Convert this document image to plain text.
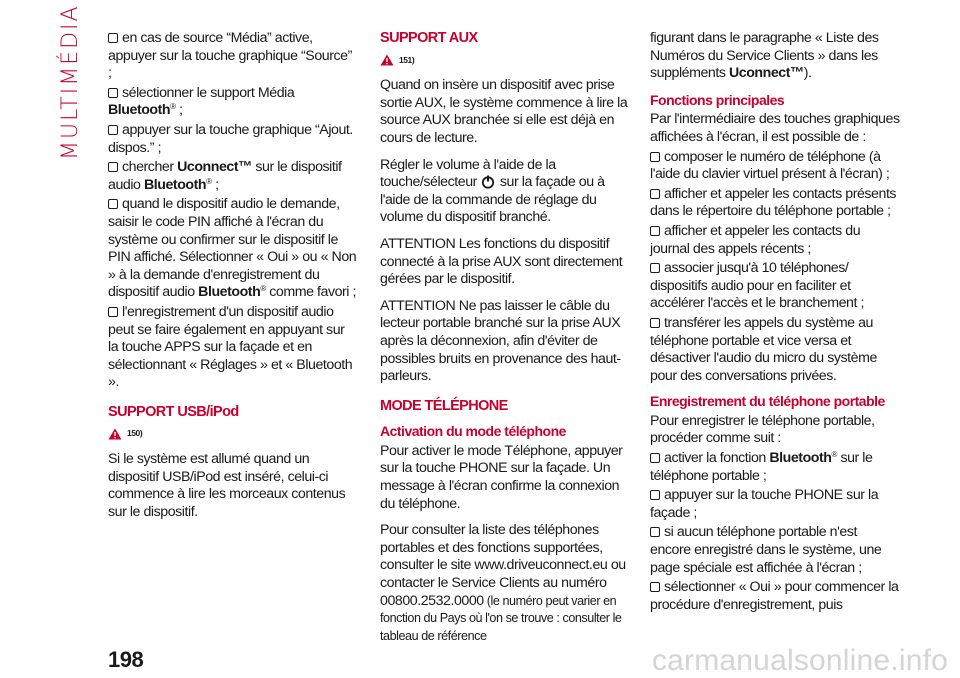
MULTIMÉDIA	en cas de source “Média” active, appuyer sur la touche graphique “Source” ;

sélectionner le support Média Bluetooth® ;

appuyer sur la touche graphique “Ajout. dispos.” ;

chercher Uconnect™ sur le dispositif audio Bluetooth® ;

quand le dispositif audio le demande, saisir le code PIN affiché à l'écran du système ou confirmer sur le dispositif le PIN affiché. Sélectionner « Oui » ou « Non » à la demande d'enregistrement du dispositif audio Bluetooth® comme favori ;

l'enregistrement d'un dispositif audio peut se faire également en appuyant sur la touche APPS sur la façade et en sélectionnant « Réglages » et « Bluetooth ».

SUPPORT USB/iPod
150)

Si le système est allumé quand un dispositif USB/iPod est inséré, celui-ci commence à lire les morceaux contenus sur le dispositif.

SUPPORT AUX
151)

Quand on insère un dispositif avec prise sortie AUX, le système commence à lire la source AUX branchée si elle est déjà en cours de lecture.

Régler le volume à l'aide de la touche/sélecteur  sur la façade ou à l'aide de la commande de réglage du volume du dispositif branché.

ATTENTION Les fonctions du dispositif connecté à la prise AUX sont directement gérées par le dispositif.

ATTENTION Ne pas laisser le câble du lecteur portable branché sur la prise AUX après la déconnexion, afin d'éviter de possibles bruits en provenance des haut-parleurs.

MODE TÉLÉPHONE
Activation du mode téléphone

Pour activer le mode Téléphone, appuyer sur la touche PHONE sur la façade. Un message à l'écran confirme la connexion du téléphone.

Pour consulter la liste des téléphones portables et des fonctions supportées, consulter le site www.driveuconnect.eu ou contacter le Service Clients au numéro 00800.2532.0000 (le numéro peut varier en fonction du Pays où l'on se trouve : consulter le tableau de référence

figurant dans le paragraphe « Liste des Numéros du Service Clients » dans les suppléments Uconnect™).

Fonctions principales

Par l'intermédiaire des touches graphiques affichées à l'écran, il est possible de :

composer le numéro de téléphone (à l'aide du clavier virtuel présent à l'écran) ;

afficher et appeler les contacts présents dans le répertoire du téléphone portable ;

afficher et appeler les contacts du journal des appels récents ;

associer jusqu'à 10 téléphones/ dispositifs audio pour en faciliter et accélérer l'accès et le branchement ;

transférer les appels du système au téléphone portable et vice versa et désactiver l'audio du micro du système pour des conversations privées.

Enregistrement du téléphone portable

Pour enregistrer le téléphone portable, procéder comme suit :

activer la fonction Bluetooth® sur le téléphone portable ;

appuyer sur la touche PHONE sur la façade ;

si aucun téléphone portable n'est encore enregistré dans le système, une page spéciale est affichée à l'écran ;

sélectionner « Oui » pour commencer la procédure d'enregistrement, puis

198	carmanualsonline.info
